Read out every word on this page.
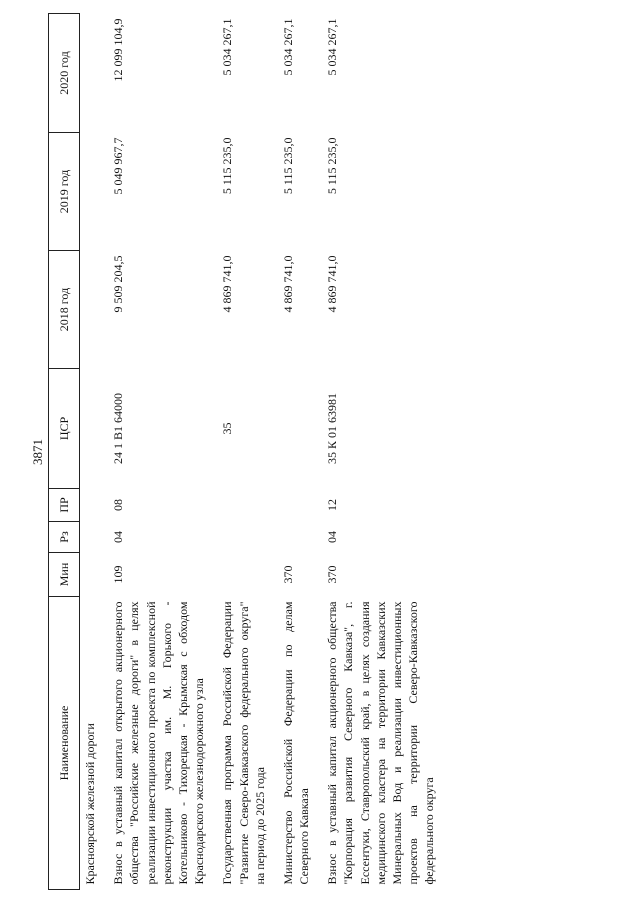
3871
Наименование	Мин	Рз	ПР	ЦСР	2018 год	2019 год	2020 год
Красноярской железной дороги							
Взнос в уставный капитал открытого акционерного общества "Российские железные дороги" в целях реализации инвестиционного проекта по комплексной реконструкции участка им. М. Горького - Котельниково - Тихорецкая - Крымская с обходом Краснодарского железнодорожного узла	109	04	08	24 1 В1 64000	9 509 204,5	5 049 967,7	12 099 104,9
Государственная программа Российской Федерации "Развитие Северо-Кавказского федерального округа" на период до 2025 года				35	4 869 741,0	5 115 235,0	5 034 267,1
Министерство Российской Федерации по делам Северного Кавказа	370				4 869 741,0	5 115 235,0	5 034 267,1
Взнос в уставный капитал акционерного общества "Корпорация развития Северного Кавказа", г. Ессентуки, Ставропольский край, в целях создания медицинского кластера на территории Кавказских Минеральных Вод и реализации инвестиционных проектов на территории Северо-Кавказского федерального округа	370	04	12	35 К 01 63981	4 869 741,0	5 115 235,0	5 034 267,1
